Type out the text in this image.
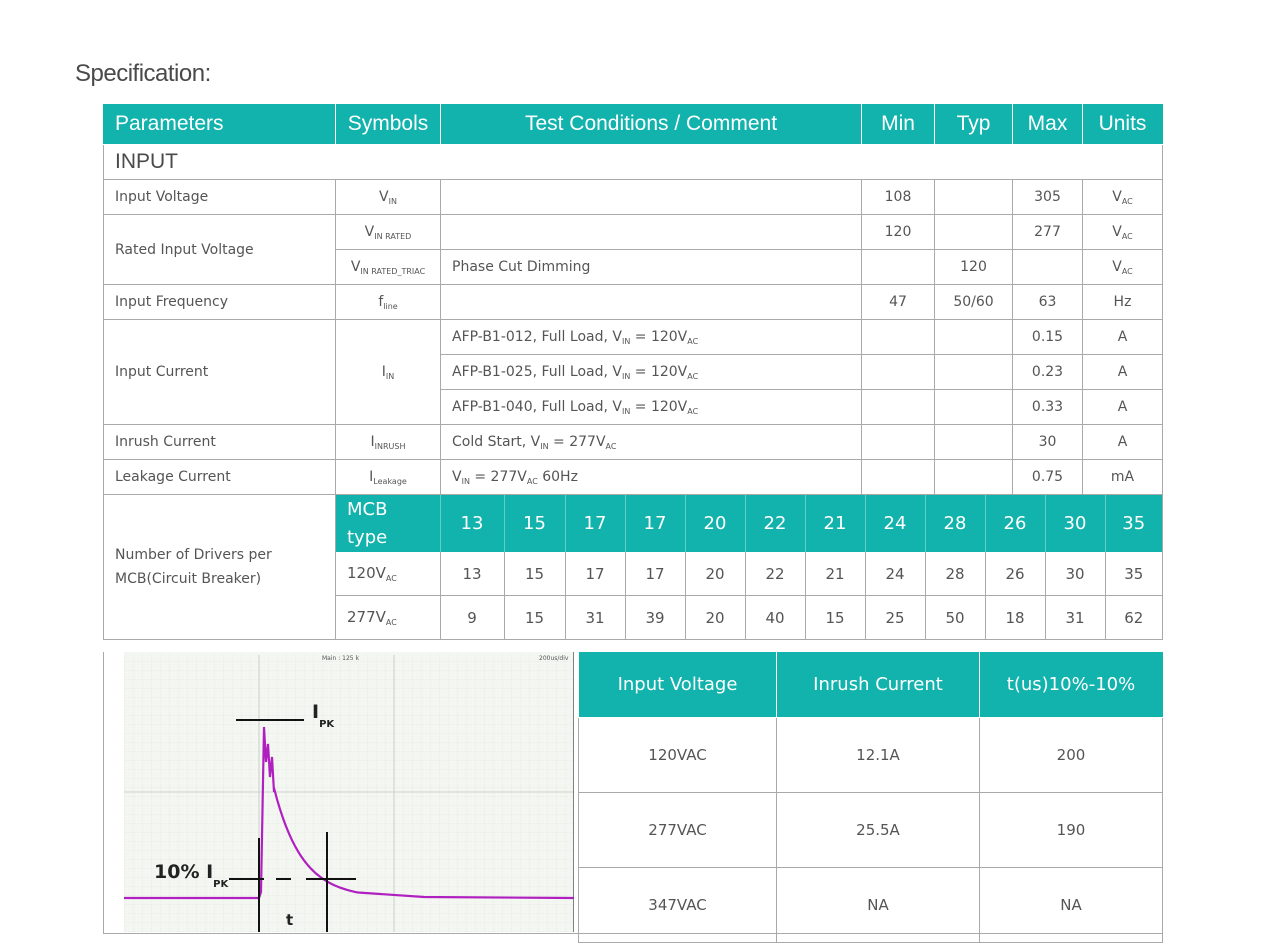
Specification:
Parameters	Symbols	Test Conditions / Comment	Min	Typ	Max	Units
INPUT
Input Voltage	$V_{IN}$		108		305	$V_{AC}$
Rated Input Voltage	$V_{IN RATED}$		120		277	$V_{AC}$
$V_{IN RATED\_TRIAC}$	Phase Cut Dimming		120		$V_{AC}$
Input Frequency	$f_{line}$		47	50/60	63	Hz
Input Current	$I_{IN}$	AFP-B1-012, Full Load, $V_{IN} = 120V_{AC}$			0.15	A
AFP-B1-025, Full Load, $V_{IN} = 120V_{AC}$			0.23	A
AFP-B1-040, Full Load, $V_{IN} = 120V_{AC}$			0.33	A
Inrush Current	$I_{INRUSH}$	Cold Start, $V_{IN} = 277V_{AC}$			30	A
Leakage Current	$I_{Leakage}$	$V_{IN} = 277V_{AC}$ 60Hz			0.75	mA
Number of Drivers per
MCB(Circuit Breaker)	
MCB
type	13	15	17	17	20	22	21	24	28	26	30	35
$120V_{AC}$	13	15	17	17	20	22	21	24	28	26	30	35
$277V_{AC}$	9	15	31	39	20	40	15	25	50	18	31	62
Main : 125 k	200us/div
$I_{PK}$
10% $I_{PK}$
t
Input Voltage	Inrush Current	t(us)10%-10%
120VAC	12.1A	200
277VAC	25.5A	190
347VAC	NA	NA
